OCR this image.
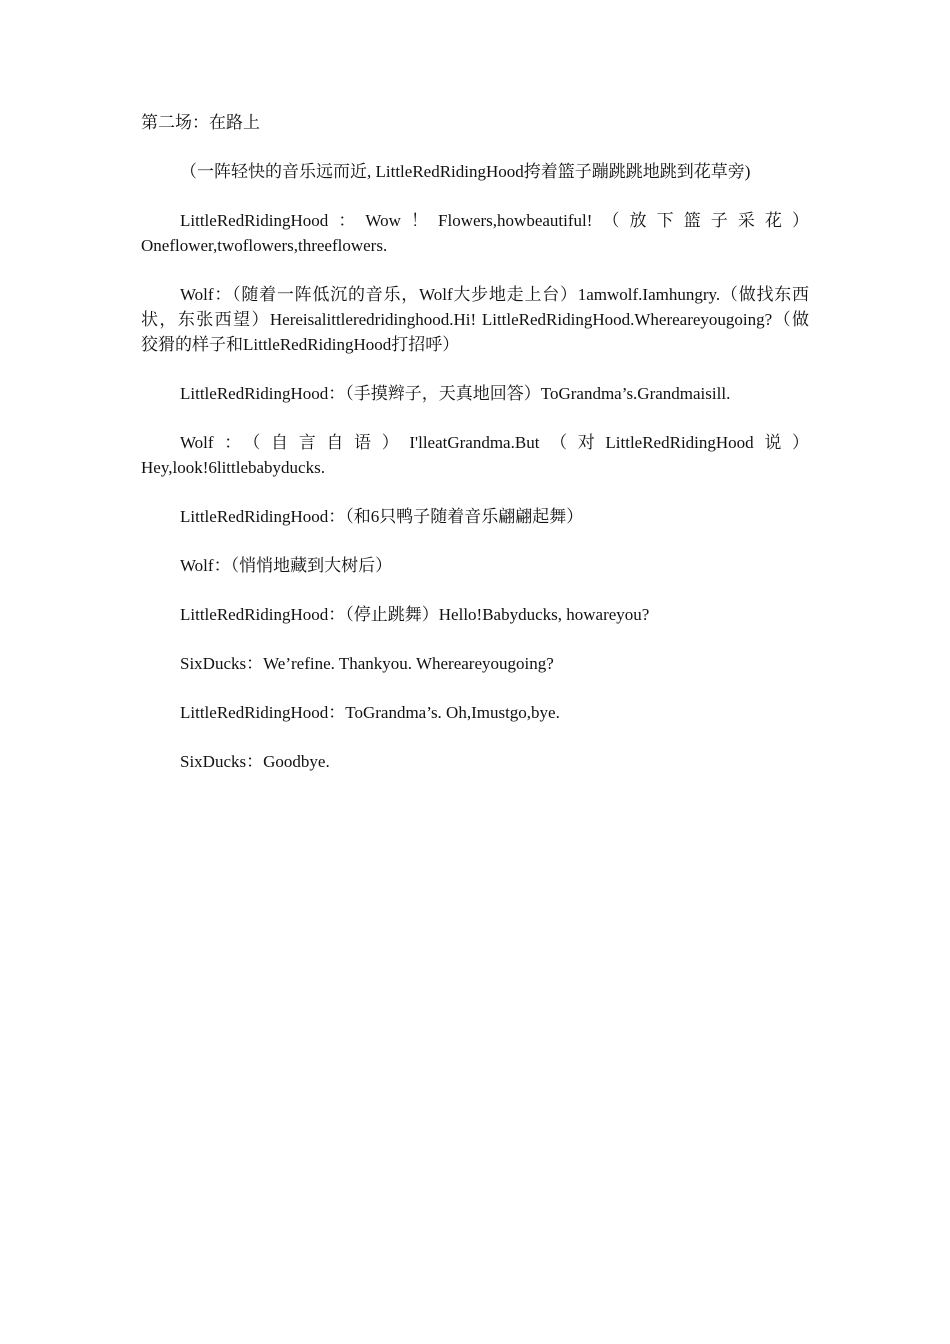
第二场：在路上

（一阵轻快的音乐远而近, LittleRedRidingHood挎着篮子蹦跳跳地跳到花草旁)

LittleRedRidingHood：Wow！Flowers,howbeautiful!（放下篮子采花）Oneflower,twoflowers,threeflowers.

Wolf：（随着一阵低沉的音乐，Wolf大步地走上台）1amwolf.Iamhungry.（做找东西状，东张西望）Hereisalittleredridinghood.Hi! LittleRedRidingHood.Whereareyougoing?（做狡猾的样子和LittleRedRidingHood打招呼）

LittleRedRidingHood：（手摸辫子，天真地回答）ToGrandma’s.Grandmaisill.

Wolf：（自言自语）I'lleatGrandma.But（对LittleRedRidingHood说）Hey,look!6littlebabyducks.

LittleRedRidingHood：（和6只鸭子随着音乐翩翩起舞）

Wolf：（悄悄地藏到大树后）

LittleRedRidingHood：（停止跳舞）Hello!Babyducks, howareyou?

SixDucks：We’refine. Thankyou. Whereareyougoing?

LittleRedRidingHood：ToGrandma’s. Oh,Imustgo,bye.

SixDucks：Goodbye.
